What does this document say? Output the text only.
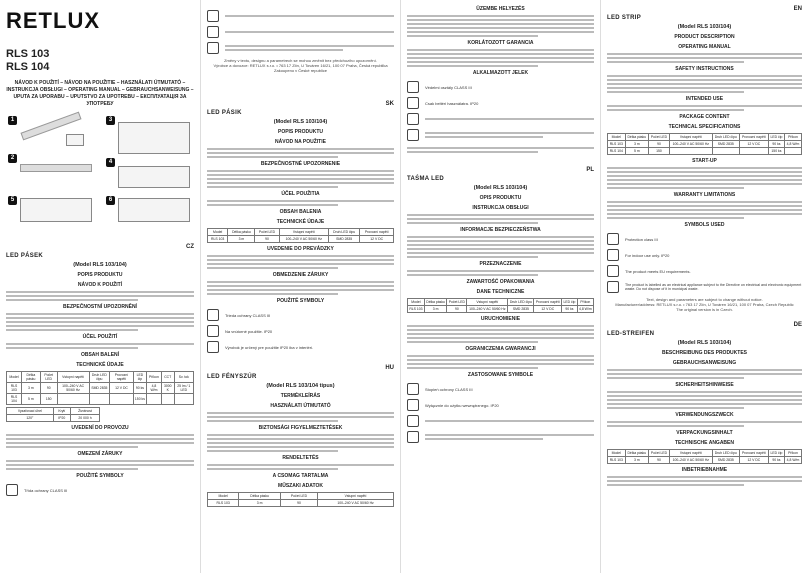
RETLUX
RLS 103
RLS 104
NÁVOD K POUŽITÍ – NÁVOD NA POUŽITIE – HASZNÁLATI ÚTMUTATÓ –
INSTRUKCJA OBSŁUGI – OPERATING MANUAL – GEBRAUCHSANWEISUNG –
UPUTA ZA UPORABU – UPUTSTVO ZA UPOTREBU – ЕКСПЛУАТАЦІЯ ЗА УПОТРЕБУ
1
2
3
4
5	6
LED PÁSEK
CZ
(Model RLS 103/104)
POPIS PRODUKTU
NÁVOD K POUŽITÍ
BEZPEČNOSTNÍ UPOZORNĚNÍ
ÚČEL POUŽITÍ
OBSAH BALENÍ
TECHNICKÉ ÚDAJE
Model	Délka pásku	Počet LED	Vstupní napětí	Druh LED čipu	Provozní napětí	LED čip	Příkon	CCT	Sv. tok
RLS 103	3 m	90	100–240 V AC 50/60 Hz	SMD 2835	12 V DC	90 ks	4,8 W/m	3000 K	25 lm / 1 LED
RLS 104	5 m	150				150 ks			
Vyzařovací úhel	Krytí	Životnost
120°	IP20	20 000 h
UVEDENÍ DO PROVOZU
OMEZENÍ ZÁRUKY
POUŽITÉ SYMBOLY
Třída ochrany CLASS III
Změny v textu, designu a parametrech se mohou změnit bez předchozího upozornění.
Výrobce a dovozce: RETLUX s.r.o. • 763 17 Zlín, U Továren 16/21, 100 07 Praha, Česká republika
Zakoupeno v České republice
LED PÁSIK
SK
(Model RLS 103/104)
POPIS PRODUKTU
NÁVOD NA POUŽITIE
BEZPEČNOSTNÉ UPOZORNENIE
ÚČEL POUŽITIA
OBSAH BALENIA
TECHNICKÉ ÚDAJE
Model	Délka pásku	Počet LED	Vstupní napětí	Druh LED čipu	Provozní napětí
RLS 103	3 m	90	100–240 V AC 50/60 Hz	SMD 2835	12 V DC
UVEDENIE DO PREVÁDZKY
OBMEDZENIE ZÁRUKY
POUŽITÉ SYMBOLY
Trieda ochrany CLASS III
Na vnútorné použitie. IP20
Výrobok je určený pre použitie IP20 iba v interiéri.
LED FÉNYSZÚR
HU
(Model RLS 103/104 tipus)
TERMÉKLEÍRÁS
HASZNÁLATI ÚTMUTATÓ
BIZTONSÁGI FIGYELMEZTETÉSEK
RENDELTETÉS
A CSOMAG TARTALMA
MŰSZAKI ADATOK
Model	Délka pásku	Počet LED	Vstupní napětí
RLS 103	3 m	90	100–240 V AC 50/60 Hz
ÜZEMBE HELYEZÉS
KORLÁTOZOTT GARANCIA
ALKALMAZOTT JELEK
Védelmi osztály CLASS III
Csak beltéri használatra. IP20
TAŚMA LED
PL
(Model RLS 103/104)
OPIS PRODUKTU
INSTRUKCJA OBSŁUGI
INFORMACJE BEZPIECZEŃSTWA
PRZEZNACZENIE
ZAWARTOŚĆ OPAKOWANIA
DANE TECHNICZNE
Model	Délka pásku	Počet LED	Vstupní napětí	Druh LED čipu	Provozní napětí	LED čip	Příkon
RLS 103	3 m	90	100–240 V AC 50/60 Hz	SMD 2835	12 V DC	90 ks	4,8 W/m
URUCHOMIENIE
OGRANICZENIA GWARANCJI
ZASTOSOWANE SYMBOLE
Stopień ochrony CLASS III
Wyłącznie do użytku wewnętrznego. IP20
LED STRIP
EN
(Model RLS 103/104)
PRODUCT DESCRIPTION
OPERATING MANUAL
SAFETY INSTRUCTIONS
INTENDED USE
PACKAGE CONTENT
TECHNICAL SPECIFICATIONS
Model	Délka pásku	Počet LED	Vstupní napětí	Druh LED čipu	Provozní napětí	LED čip	Příkon
RLS 103	3 m	90	100–240 V AC 50/60 Hz	SMD 2835	12 V DC	90 ks	4,8 W/m
RLS 104	5 m	150				150 ks	
START-UP
WARRANTY LIMITATIONS
SYMBOLS USED
Protection class III
For indoor use only. IP20
The product meets EU requirements.
The product is labelled as an electrical appliance subject to the Directive on electrical and electronic equipment waste. Do not dispose of it in municipal waste.
Text, design and parameters are subject to change without notice.
Manufacturer/address: RETLUX s.r.o. • 763 17 Zlín, U Továren 16/21, 100 07 Praha, Czech Republic
The original version is in Czech.
LED-STREIFEN
DE
(Model RLS 103/104)
BESCHREIBUNG DES PRODUKTES
GEBRAUCHSANWEISUNG
SICHERHEITSHINWEISE
VERWENDUNGSZWECK
VERPACKUNGSINHALT
TECHNISCHE ANGABEN
Model	Délka pásku	Počet LED	Vstupní napětí	Druh LED čipu	Provozní napětí	LED čip	Příkon
RLS 103	3 m	90	100–240 V AC 50/60 Hz	SMD 2835	12 V DC	90 ks	4,8 W/m
INBETRIEBNAHME
